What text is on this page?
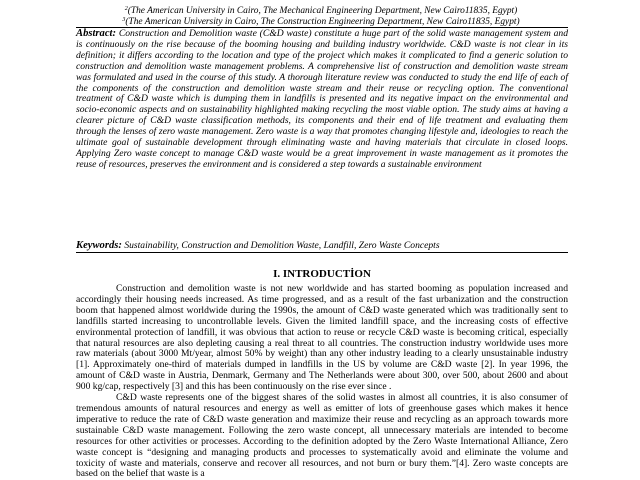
$^2$(The American University in Cairo, The Mechanical Engineering Department, New Cairo11835, Egypt)
$^3$(The American University in Cairo, The Construction Engineering Department, New Cairo11835, Egypt)
Abstract: Construction and Demolition waste (C&D waste) constitute a huge part of the solid waste management system and is continuously on the rise because of the booming housing and building industry worldwide. C&D waste is not clear in its definition; it differs according to the location and type of the project which makes it complicated to find a generic solution to construction and demolition waste management problems. A comprehensive list of construction and demolition waste stream was formulated and used in the course of this study. A thorough literature review was conducted to study the end life of each of the components of the construction and demolition waste stream and their reuse or recycling option. The conventional treatment of C&D waste which is dumping them in landfills is presented and its negative impact on the environmental and socio-economic aspects and on sustainability highlighted making recycling the most viable option. The study aims at having a clearer picture of C&D waste classification methods, its components and their end of life treatment and evaluating them through the lenses of zero waste management. Zero waste is a way that promotes changing lifestyle and, ideologies to reach the ultimate goal of sustainable development through eliminating waste and having materials that circulate in closed loops. Applying Zero waste concept to manage C&D waste would be a great improvement in waste management as it promotes the reuse of resources, preserves the environment and is considered a step towards a sustainable environment
Keywords: Sustainability, Construction and Demolition Waste, Landfill, Zero Waste Concepts
I. INTRODUCTİON

Construction and demolition waste is not new worldwide and has started booming as population increased and accordingly their housing needs increased. As time progressed, and as a result of the fast urbanization and the construction boom that happened almost worldwide during the 1990s, the amount of C&D waste generated which was traditionally sent to landfills started increasing to uncontrollable levels. Given the limited landfill space, and the increasing costs of effective environmental protection of landfill, it was obvious that action to reuse or recycle C&D waste is becoming critical, especially that natural resources are also depleting causing a real threat to all countries. The construction industry worldwide uses more raw materials (about 3000 Mt/year, almost 50% by weight) than any other industry leading to a clearly unsustainable industry [1]. Approximately one-third of materials dumped in landfills in the US by volume are C&D waste [2]. In year 1996, the amount of C&D waste in Austria, Denmark, Germany and The Netherlands were about 300, over 500, about 2600 and about 900 kg/cap, respectively [3] and this has been continuously on the rise ever since .

C&D waste represents one of the biggest shares of the solid wastes in almost all countries, it is also consumer of tremendous amounts of natural resources and energy as well as emitter of lots of greenhouse gases which makes it hence imperative to reduce the rate of C&D waste generation and maximize their reuse and recycling as an approach towards more sustainable C&D waste management. Following the zero waste concept, all unnecessary materials are intended to become resources for other activities or processes. According to the definition adopted by the Zero Waste International Alliance, Zero waste concept is “designing and managing products and processes to systematically avoid and eliminate the volume and toxicity of waste and materials, conserve and recover all resources, and not burn or bury them.”[4]. Zero waste concepts are based on the belief that waste is a
